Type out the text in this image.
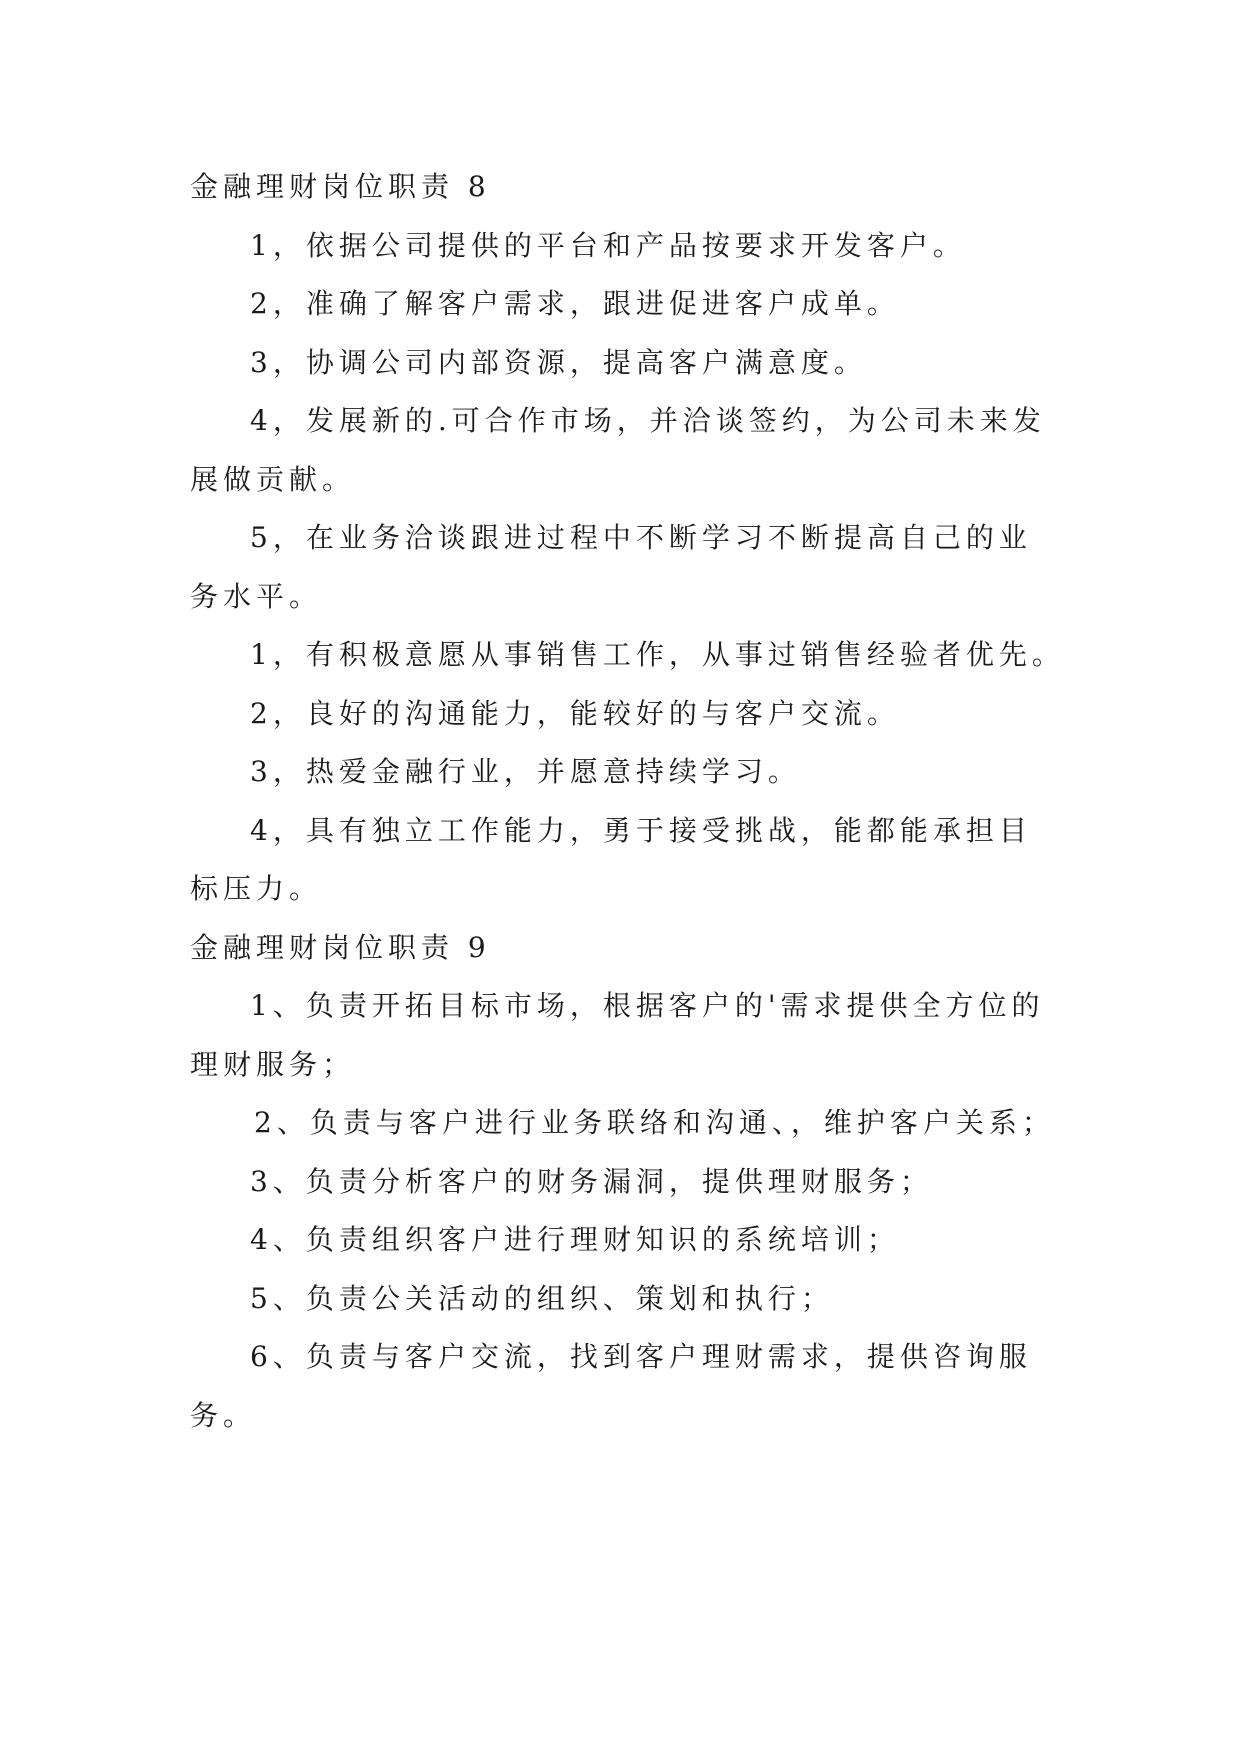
金融理财岗位职责 8

1，依据公司提供的平台和产品按要求开发客户。

2，准确了解客户需求，跟进促进客户成单。

3，协调公司内部资源，提高客户满意度。

4，发展新的.可合作市场，并洽谈签约，为公司未来发

展做贡献。

5，在业务洽谈跟进过程中不断学习不断提高自己的业

务水平。

1，有积极意愿从事销售工作，从事过销售经验者优先。

2，良好的沟通能力，能较好的与客户交流。

3，热爱金融行业，并愿意持续学习。

4，具有独立工作能力，勇于接受挑战，能都能承担目

标压力。

金融理财岗位职责 9

1、负责开拓目标市场，根据客户的'需求提供全方位的

理财服务；

2、负责与客户进行业务联络和沟通、，维护客户关系；

3、负责分析客户的财务漏洞，提供理财服务；

4、负责组织客户进行理财知识的系统培训；

5、负责公关活动的组织、策划和执行；

6、负责与客户交流，找到客户理财需求，提供咨询服

务。
